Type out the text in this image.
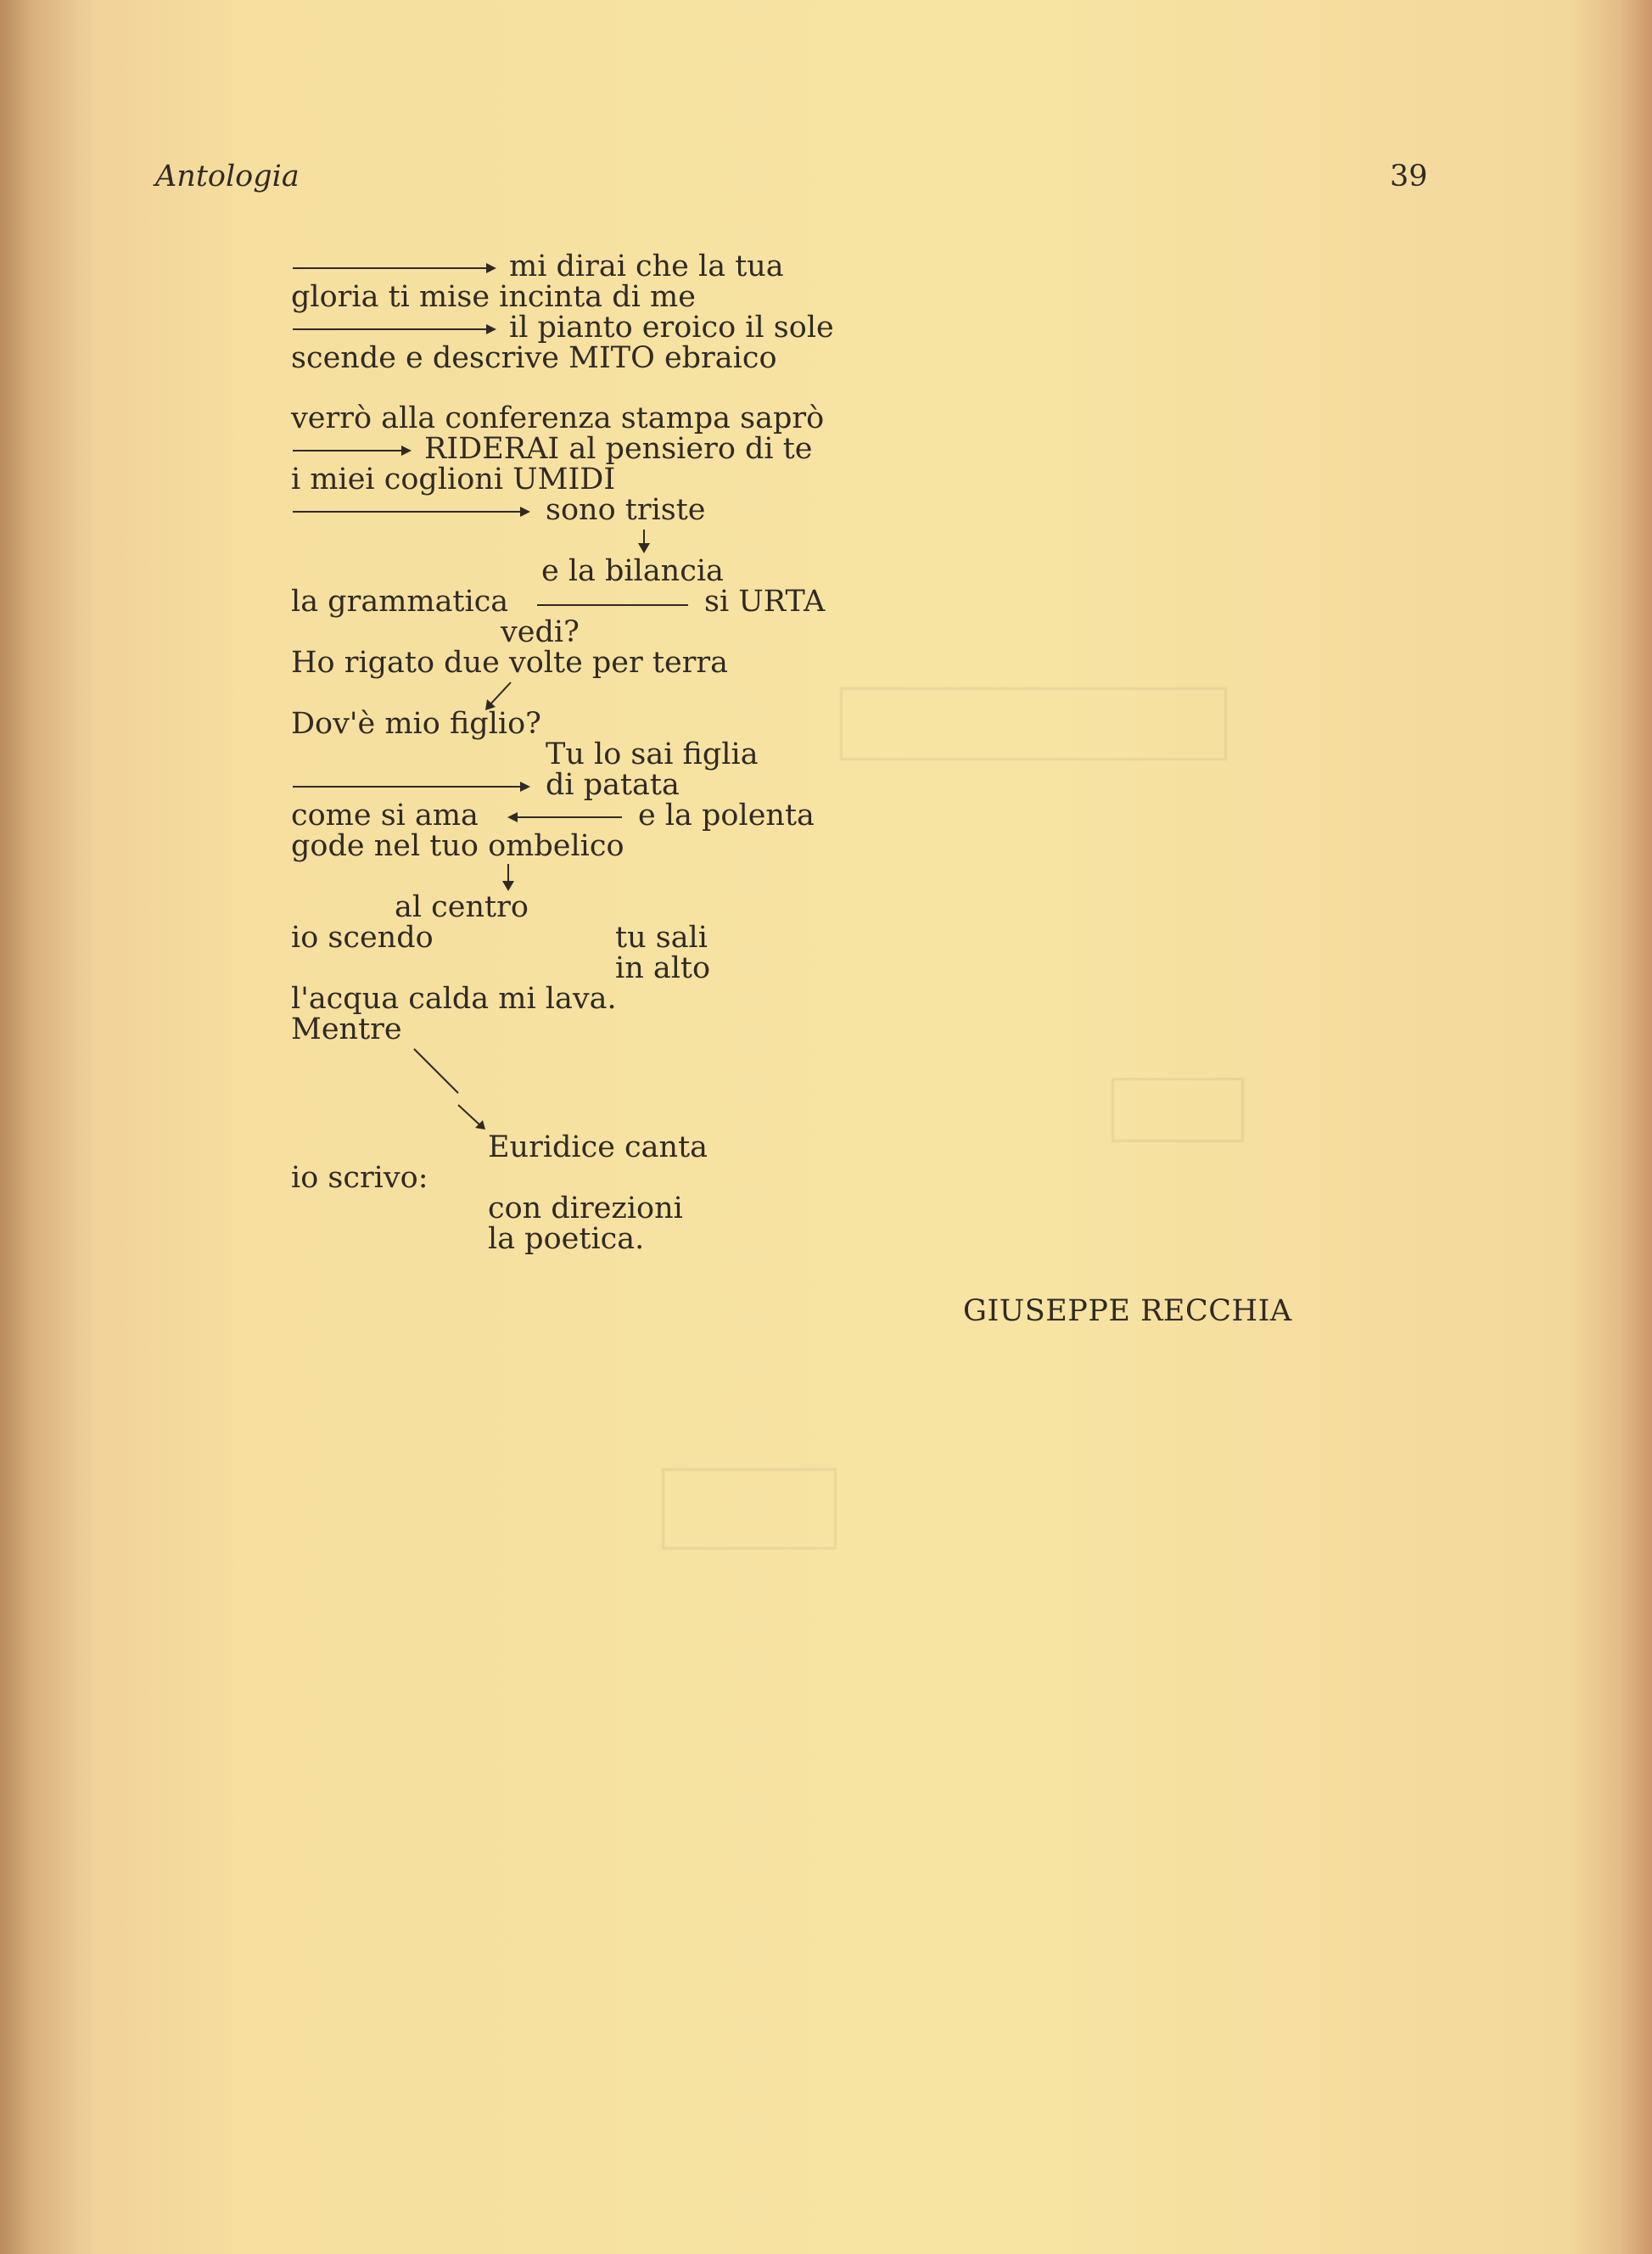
Antologia	39
mi dirai che la tua
gloria ti mise incinta di me
il pianto eroico il sole
scende e descrive MITO ebraico
verrò alla conferenza stampa saprò
RIDERAI al pensiero di te
i miei coglioni UMIDI
sono triste
e la bilancia
la grammatica	si URTA
vedi?
Ho rigato due volte per terra
Dov'è mio figlio?
Tu lo sai figlia
di patata
come si ama	e la polenta
gode nel tuo ombelico
al centro
io scendo	tu sali
in alto
l'acqua calda mi lava.
Mentre
Euridice canta
io scrivo:
con direzioni
la poetica.
GIUSEPPE RECCHIA
